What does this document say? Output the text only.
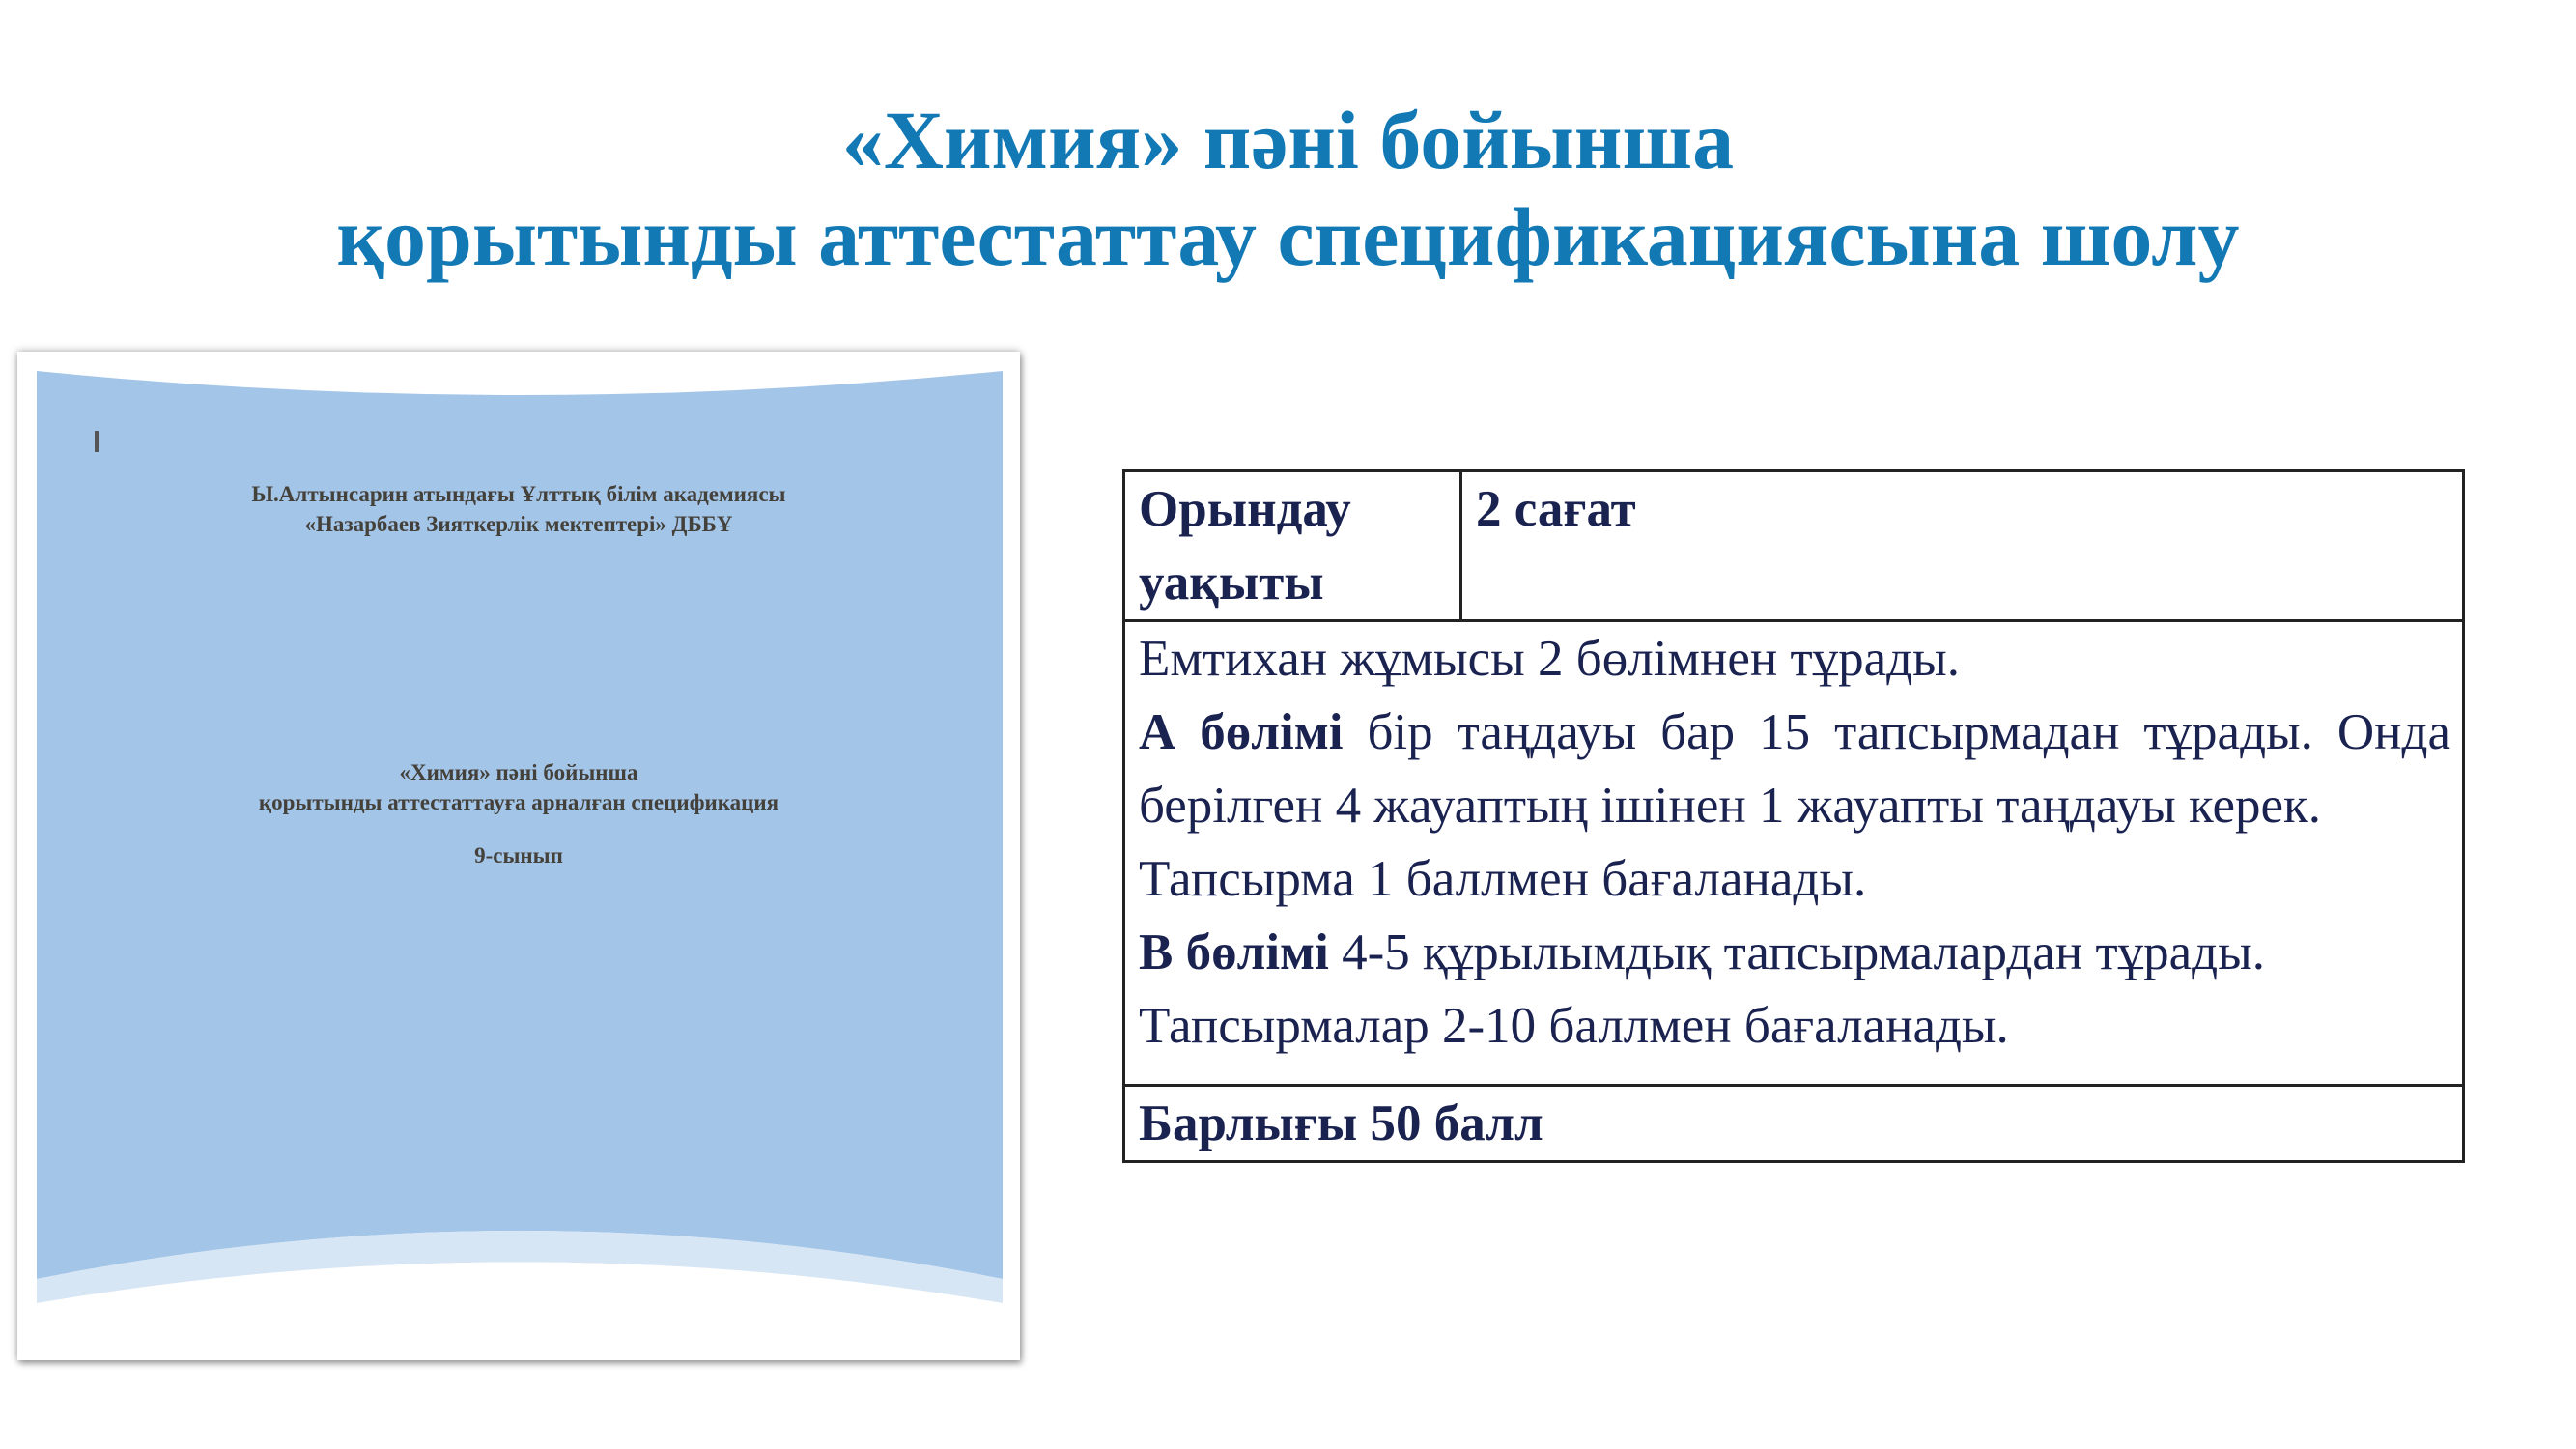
«Химия» пәні бойынша
қорытынды аттестаттау спецификациясына шолу
Ы.Алтынсарин атындағы Ұлттық білім академиясы
«Назарбаев Зияткерлік мектептері» ДББҰ
«Химия» пәні бойынша
қорытынды аттестаттауға арналған спецификация
9-сынып
Орындау
уақыты	2 сағат

Емтихан жұмысы 2 бөлімнен тұрады.

А бөлімі бір таңдауы бар 15 тапсырмадан тұрады. Онда берілген 4 жауаптың ішінен 1 жауапты таңдауы керек.

Тапсырма 1 баллмен бағаланады.

В бөлімі 4-5 құрылымдық тапсырмалардан тұрады.

Тапсырмалар 2-10 баллмен бағаланады.

Барлығы 50 балл
